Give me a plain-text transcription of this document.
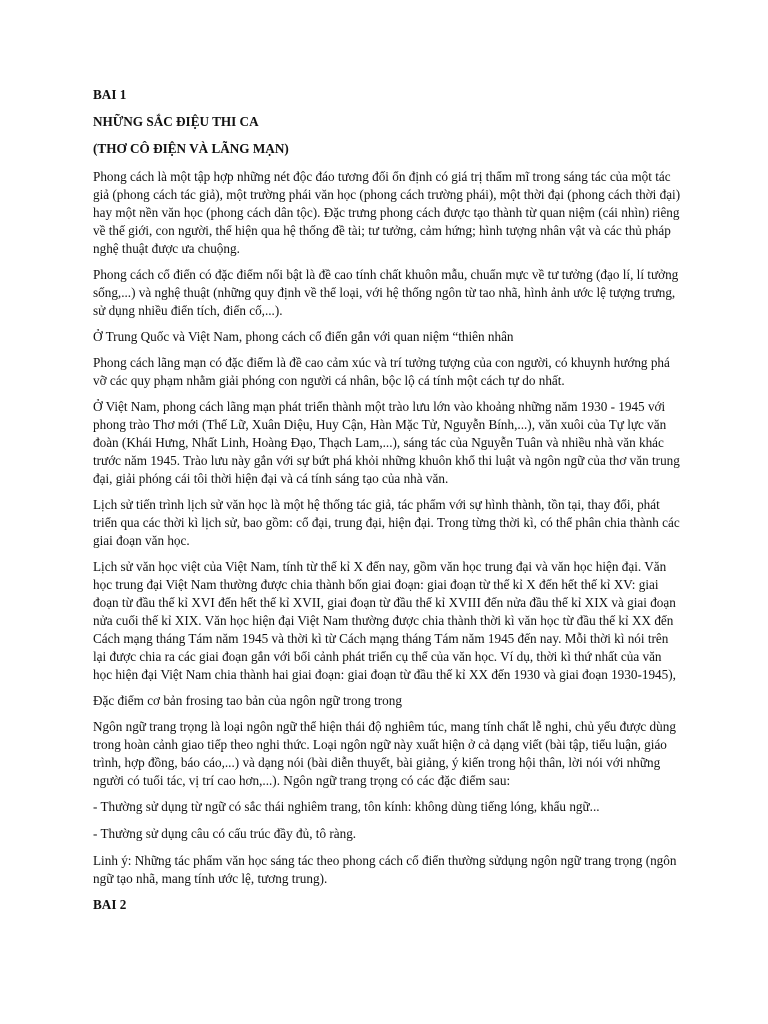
BAI 1
NHỮNG SẮC ĐIỆU THI CA
(THƠ CÔ ĐIỆN VÀ LÃNG MẠN)

Phong cách là một tập hợp những nét độc đáo tương đối ổn định có giá trị thẩm mĩ trong sáng tác của một tác giả (phong cách tác giả), một trường phái văn học (phong cách trường phái), một thời đại (phong cách thời đại) hay một nền văn học (phong cách dân tộc). Đặc trưng phong cách được tạo thành từ quan niệm (cái nhìn) riêng về thế giới, con người, thể hiện qua hệ thống đề tài; tư tưởng, cảm hứng; hình tượng nhân vật và các thủ pháp nghệ thuật được ưa chuộng.

Phong cách cổ điển có đặc điểm nổi bật là đề cao tính chất khuôn mẫu, chuẩn mực về tư tưởng (đạo lí, lí tưởng sống,...) và nghệ thuật (những quy định về thể loại, với hệ thống ngôn từ tao nhã, hình ảnh ước lệ tượng trưng, sử dụng nhiều điển tích, điển cố,...).

Ở Trung Quốc và Việt Nam, phong cách cổ điển gắn với quan niệm “thiên nhân

Phong cách lãng mạn có đặc điểm là đề cao cảm xúc và trí tưởng tượng của con người, có khuynh hướng phá vỡ các quy phạm nhằm giải phóng con người cá nhân, bộc lộ cá tính một cách tự do nhất.

Ở Việt Nam, phong cách lãng mạn phát triển thành một trào lưu lớn vào khoảng những năm 1930 - 1945 với phong trào Thơ mới (Thế Lữ, Xuân Diệu, Huy Cận, Hàn Mặc Tử, Nguyễn Bính,...), văn xuôi của Tự lực văn đoàn (Khái Hưng, Nhất Linh, Hoàng Đạo, Thạch Lam,...), sáng tác của Nguyễn Tuân và nhiều nhà văn khác trước năm 1945. Trào lưu này gắn với sự bứt phá khỏi những khuôn khổ thi luật và ngôn ngữ của thơ văn trung đại, giải phóng cái tôi thời hiện đại và cá tính sáng tạo của nhà văn.

Lịch sử tiến trình lịch sử văn học là một hệ thống tác giả, tác phẩm với sự hình thành, tồn tại, thay đổi, phát triển qua các thời kì lịch sử, bao gồm: cổ đại, trung đại, hiện đại. Trong từng thời kì, có thể phân chia thành các giai đoạn văn học.

Lịch sử văn học việt của Việt Nam, tính từ thế kỉ X đến nay, gồm văn học trung đại và văn học hiện đại. Văn học trung đại Việt Nam thường được chia thành bốn giai đoạn: giai đoạn từ thế kỉ X đến hết thế kỉ XV: giai đoạn từ đầu thế kỉ XVI đến hết thế kỉ XVII, giai đoạn từ đầu thế kỉ XVIII đến nửa đầu thế kỉ XIX và giai đoạn nửa cuối thế kỉ XIX. Văn học hiện đại Việt Nam thường được chia thành thời kì văn học từ đầu thế kỉ XX đến Cách mạng tháng Tám năm 1945 và thời kì từ Cách mạng tháng Tám năm 1945 đến nay. Mỗi thời kì nói trên lại được chia ra các giai đoạn gắn với bối cảnh phát triển cụ thể của văn học. Ví dụ, thời kì thứ nhất của văn học hiện đại Việt Nam chia thành hai giai đoạn: giai đoạn từ đầu thế kỉ XX đến 1930 và giai đoạn 1930-1945),

Đặc điểm cơ bản frosing tao bản của ngôn ngữ trong trong

Ngôn ngữ trang trọng là loại ngôn ngữ thể hiện thái độ nghiêm túc, mang tính chất lễ nghi, chủ yếu được dùng trong hoàn cảnh giao tiếp theo nghi thức. Loại ngôn ngữ này xuất hiện ở cả dạng viết (bài tập, tiểu luận, giáo trình, hợp đồng, báo cáo,...) và dạng nói (bài diễn thuyết, bài giảng, ý kiến trong hội thân, lời nói với những người có tuổi tác, vị trí cao hơn,...). Ngôn ngữ trang trọng có các đặc điểm sau:

- Thường sử dụng từ ngữ có sắc thái nghiêm trang, tôn kính: không dùng tiếng lóng, khẩu ngữ...

- Thường sử dụng câu có cấu trúc đầy đủ, tô ràng.

Linh ý: Những tác phẩm văn học sáng tác theo phong cách cổ điển thường sửdụng ngôn ngữ trang trọng (ngôn ngữ tạo nhã, mang tính ước lệ, tương trung).

BAI 2
